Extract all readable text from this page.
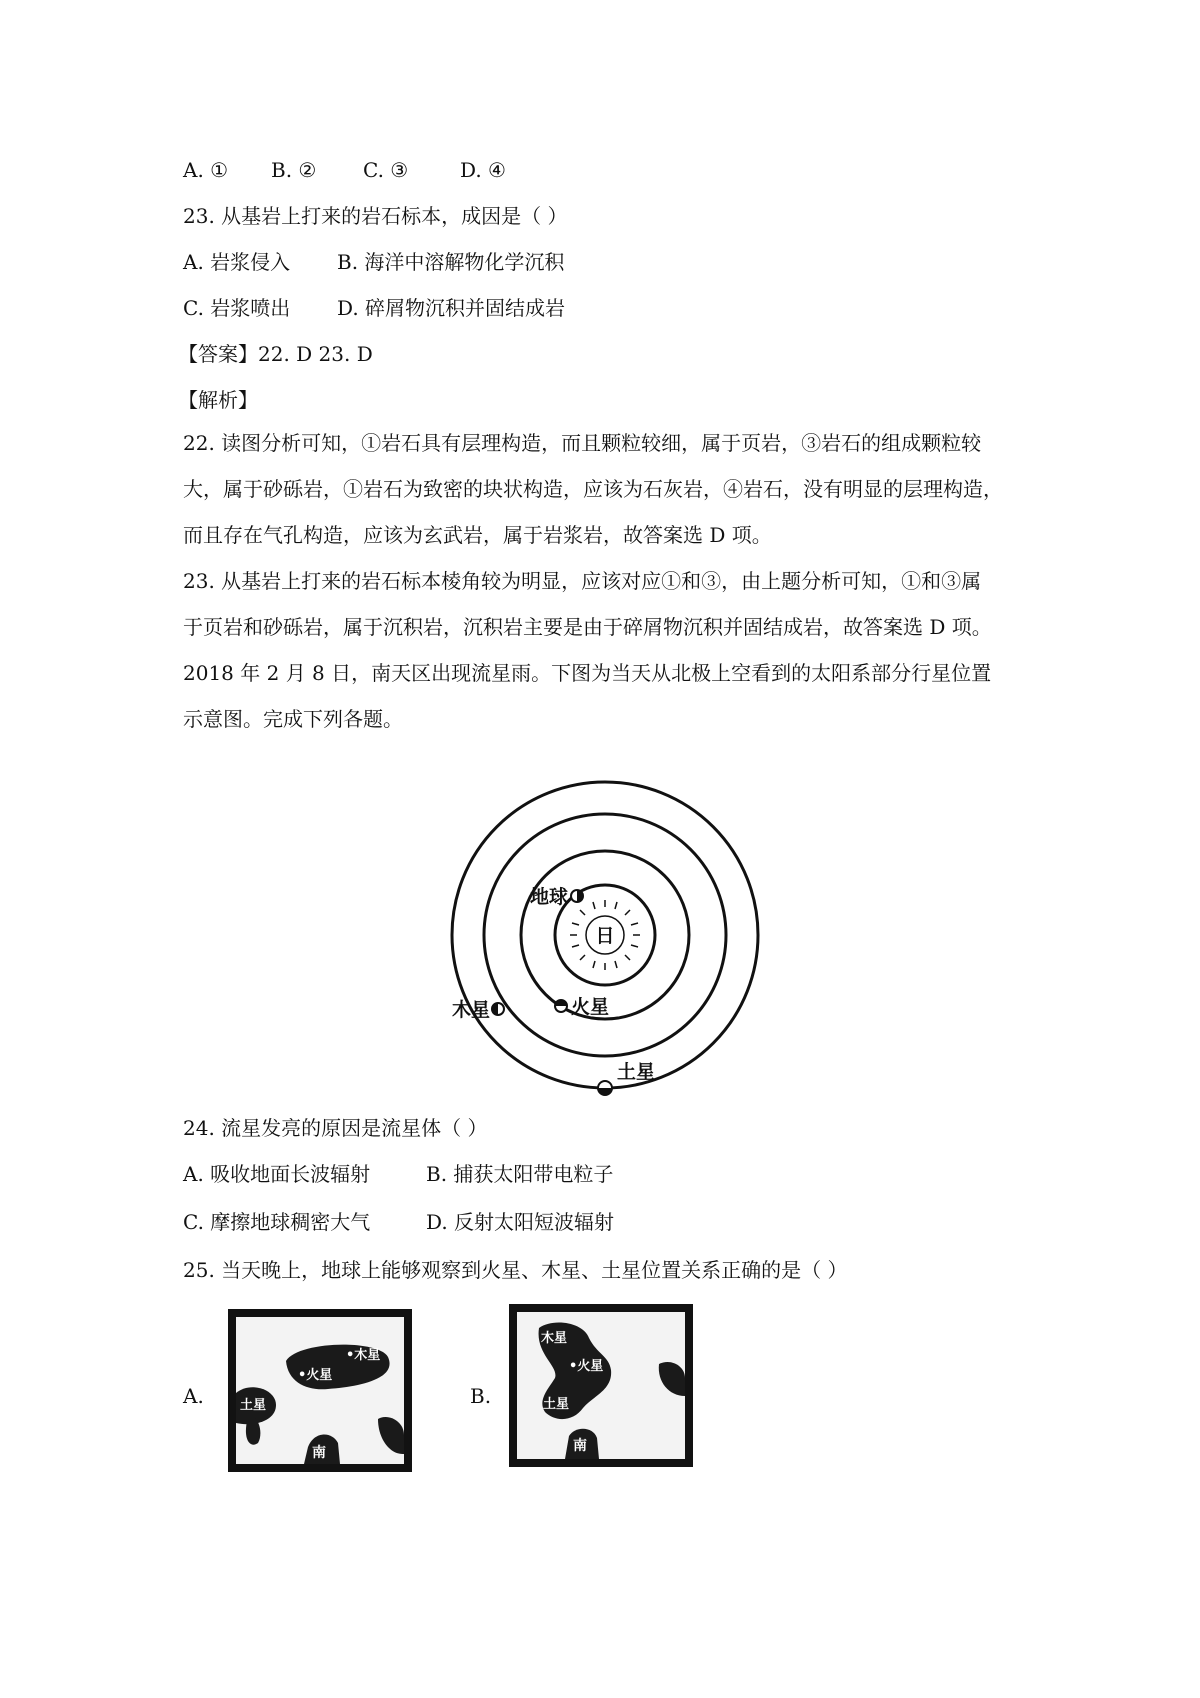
A. ① B. ② C. ③	D. ④
23. 从基岩上打来的岩石标本，成因是（ ）
A. 岩浆侵入 B. 海洋中溶解物化学沉积
C. 岩浆喷出 D. 碎屑物沉积并固结成岩
【答案】22. D 23. D
【解析】
22. 读图分析可知，①岩石具有层理构造，而且颗粒较细，属于页岩，③岩石的组成颗粒较
大，属于砂砾岩，①岩石为致密的块状构造，应该为石灰岩，④岩石，没有明显的层理构造，
而且存在气孔构造，应该为玄武岩，属于岩浆岩，故答案选 D 项。
23. 从基岩上打来的岩石标本棱角较为明显，应该对应①和③，由上题分析可知，①和③属
于页岩和砂砾岩，属于沉积岩，沉积岩主要是由于碎屑物沉积并固结成岩，故答案选 D 项。
2018 年 2 月 8 日，南天区出现流星雨。下图为当天从北极上空看到的太阳系部分行星位置
示意图。完成下列各题。
日
地球
火星
木星
土星
24. 流星发亮的原因是流星体（ ）
A. 吸收地面长波辐射	B. 捕获太阳带电粒子
C. 摩擦地球稠密大气	D. 反射太阳短波辐射
25. 当天晚上，地球上能够观察到火星、木星、土星位置关系正确的是（ ）
A.
•木星
•火星
土星
南
B.
木星
•火星
土星
南
